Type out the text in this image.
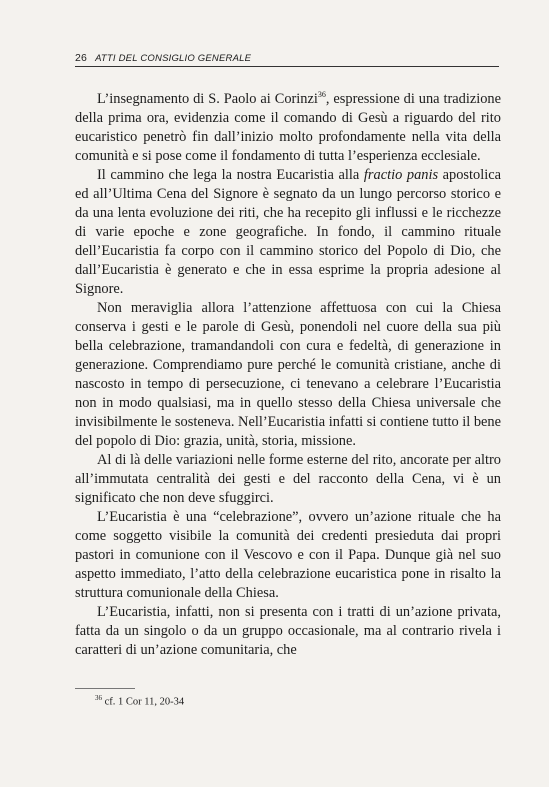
26 ATTI DEL CONSIGLIO GENERALE

L’insegnamento di S. Paolo ai Corinzi$^{36}$, espressione di una tradizione della prima ora, evidenzia come il comando di Gesù a riguardo del rito eucaristico penetrò fin dall’inizio molto profondamente nella vita della comunità e si pose come il fondamento di tutta l’esperienza ecclesiale.

Il cammino che lega la nostra Eucaristia alla fractio panis apostolica ed all’Ultima Cena del Signore è segnato da un lungo percorso storico e da una lenta evoluzione dei riti, che ha recepito gli influssi e le ricchezze di varie epoche e zone geografiche. In fondo, il cammino rituale dell’Eucaristia fa corpo con il cammino storico del Popolo di Dio, che dall’Eucaristia è generato e che in essa esprime la propria adesione al Signore.

Non meraviglia allora l’attenzione affettuosa con cui la Chiesa conserva i gesti e le parole di Gesù, ponendoli nel cuore della sua più bella celebrazione, tramandandoli con cura e fedeltà, di generazione in generazione. Comprendiamo pure perché le comunità cristiane, anche di nascosto in tempo di persecuzione, ci tenevano a celebrare l’Eucaristia non in modo qualsiasi, ma in quello stesso della Chiesa universale che invisibilmente le sosteneva. Nell’Eucaristia infatti si contiene tutto il bene del popolo di Dio: grazia, unità, storia, missione.

Al di là delle variazioni nelle forme esterne del rito, ancorate per altro all’immutata centralità dei gesti e del racconto della Cena, vi è un significato che non deve sfuggirci.

L’Eucaristia è una “celebrazione”, ovvero un’azione rituale che ha come soggetto visibile la comunità dei credenti presieduta dai propri pastori in comunione con il Vescovo e con il Papa. Dunque già nel suo aspetto immediato, l’atto della celebrazione eucaristica pone in risalto la struttura comunionale della Chiesa.

L’Eucaristia, infatti, non si presenta con i tratti di un’azione privata, fatta da un singolo o da un gruppo occasionale, ma al contrario rivela i caratteri di un’azione comunitaria, che

$^{36}$ cf. 1 Cor 11, 20-34
